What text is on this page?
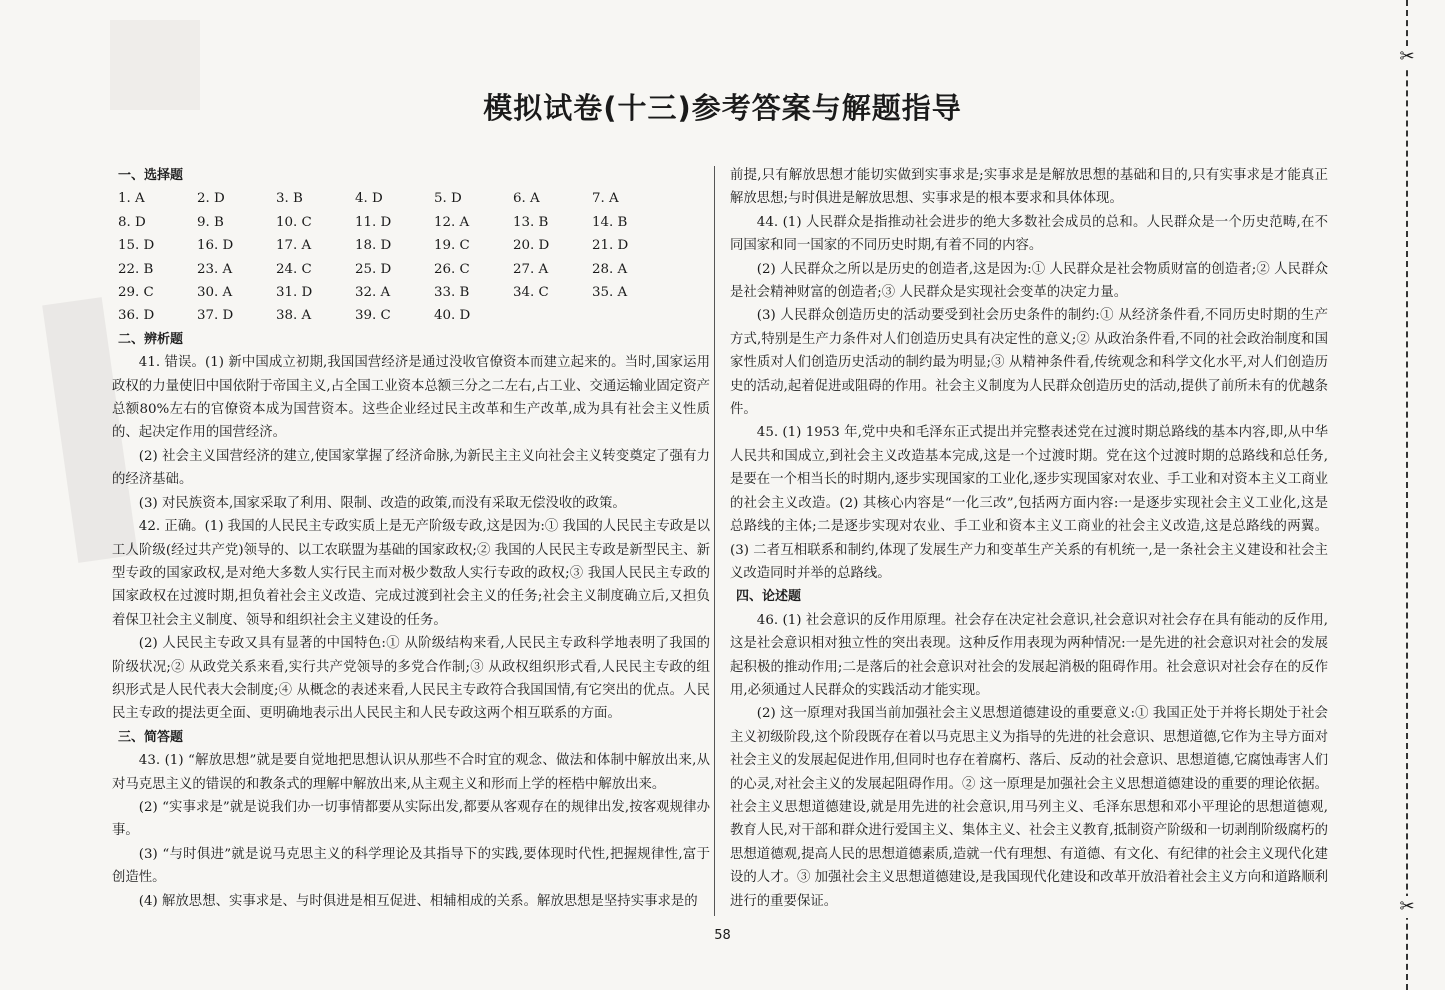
模拟试卷(十三)参考答案与解题指导
一、选择题
1. A	2. D	3. B	4. D	5. D	6. A	7. A
8. D	9. B	10. C	11. D	12. A	13. B	14. B
15. D	16. D	17. A	18. D	19. C	20. D	21. D
22. B	23. A	24. C	25. D	26. C	27. A	28. A
29. C	30. A	31. D	32. A	33. B	34. C	35. A
36. D	37. D	38. A	39. C	40. D
二、辨析题

41. 错误。(1) 新中国成立初期,我国国营经济是通过没收官僚资本而建立起来的。当时,国家运用政权的力量使旧中国依附于帝国主义,占全国工业资本总额三分之二左右,占工业、交通运输业固定资产总额80%左右的官僚资本成为国营资本。这些企业经过民主改革和生产改革,成为具有社会主义性质的、起决定作用的国营经济。

(2) 社会主义国营经济的建立,使国家掌握了经济命脉,为新民主主义向社会主义转变奠定了强有力的经济基础。

(3) 对民族资本,国家采取了利用、限制、改造的政策,而没有采取无偿没收的政策。

42. 正确。(1) 我国的人民民主专政实质上是无产阶级专政,这是因为:① 我国的人民民主专政是以工人阶级(经过共产党)领导的、以工农联盟为基础的国家政权;② 我国的人民民主专政是新型民主、新型专政的国家政权,是对绝大多数人实行民主而对极少数敌人实行专政的政权;③ 我国人民民主专政的国家政权在过渡时期,担负着社会主义改造、完成过渡到社会主义的任务;社会主义制度确立后,又担负着保卫社会主义制度、领导和组织社会主义建设的任务。

(2) 人民民主专政又具有显著的中国特色:① 从阶级结构来看,人民民主专政科学地表明了我国的阶级状况;② 从政党关系来看,实行共产党领导的多党合作制;③ 从政权组织形式看,人民民主专政的组织形式是人民代表大会制度;④ 从概念的表述来看,人民民主专政符合我国国情,有它突出的优点。人民民主专政的提法更全面、更明确地表示出人民民主和人民专政这两个相互联系的方面。

三、简答题

43. (1) “解放思想”就是要自觉地把思想认识从那些不合时宜的观念、做法和体制中解放出来,从对马克思主义的错误的和教条式的理解中解放出来,从主观主义和形而上学的桎梏中解放出来。

(2) “实事求是”就是说我们办一切事情都要从实际出发,都要从客观存在的规律出发,按客观规律办事。

(3) “与时俱进”就是说马克思主义的科学理论及其指导下的实践,要体现时代性,把握规律性,富于创造性。

(4) 解放思想、实事求是、与时俱进是相互促进、相辅相成的关系。解放思想是坚持实事求是的

前提,只有解放思想才能切实做到实事求是;实事求是是解放思想的基础和目的,只有实事求是才能真正解放思想;与时俱进是解放思想、实事求是的根本要求和具体体现。

44. (1) 人民群众是指推动社会进步的绝大多数社会成员的总和。人民群众是一个历史范畴,在不同国家和同一国家的不同历史时期,有着不同的内容。

(2) 人民群众之所以是历史的创造者,这是因为:① 人民群众是社会物质财富的创造者;② 人民群众是社会精神财富的创造者;③ 人民群众是实现社会变革的决定力量。

(3) 人民群众创造历史的活动要受到社会历史条件的制约:① 从经济条件看,不同历史时期的生产方式,特别是生产力条件对人们创造历史具有决定性的意义;② 从政治条件看,不同的社会政治制度和国家性质对人们创造历史活动的制约最为明显;③ 从精神条件看,传统观念和科学文化水平,对人们创造历史的活动,起着促进或阻碍的作用。社会主义制度为人民群众创造历史的活动,提供了前所未有的优越条件。

45. (1) 1953 年,党中央和毛泽东正式提出并完整表述党在过渡时期总路线的基本内容,即,从中华人民共和国成立,到社会主义改造基本完成,这是一个过渡时期。党在这个过渡时期的总路线和总任务,是要在一个相当长的时期内,逐步实现国家的工业化,逐步实现国家对农业、手工业和对资本主义工商业的社会主义改造。(2) 其核心内容是“一化三改”,包括两方面内容:一是逐步实现社会主义工业化,这是总路线的主体;二是逐步实现对农业、手工业和资本主义工商业的社会主义改造,这是总路线的两翼。(3) 二者互相联系和制约,体现了发展生产力和变革生产关系的有机统一,是一条社会主义建设和社会主义改造同时并举的总路线。

四、论述题

46. (1) 社会意识的反作用原理。社会存在决定社会意识,社会意识对社会存在具有能动的反作用,这是社会意识相对独立性的突出表现。这种反作用表现为两种情况:一是先进的社会意识对社会的发展起积极的推动作用;二是落后的社会意识对社会的发展起消极的阻碍作用。社会意识对社会存在的反作用,必须通过人民群众的实践活动才能实现。

(2) 这一原理对我国当前加强社会主义思想道德建设的重要意义:① 我国正处于并将长期处于社会主义初级阶段,这个阶段既存在着以马克思主义为指导的先进的社会意识、思想道德,它作为主导方面对社会主义的发展起促进作用,但同时也存在着腐朽、落后、反动的社会意识、思想道德,它腐蚀毒害人们的心灵,对社会主义的发展起阻碍作用。② 这一原理是加强社会主义思想道德建设的重要的理论依据。社会主义思想道德建设,就是用先进的社会意识,用马列主义、毛泽东思想和邓小平理论的思想道德观,教育人民,对干部和群众进行爱国主义、集体主义、社会主义教育,抵制资产阶级和一切剥削阶级腐朽的思想道德观,提高人民的思想道德素质,造就一代有理想、有道德、有文化、有纪律的社会主义现代化建设的人才。③ 加强社会主义思想道德建设,是我国现代化建设和改革开放沿着社会主义方向和道路顺利进行的重要保证。

58
✂
✂
